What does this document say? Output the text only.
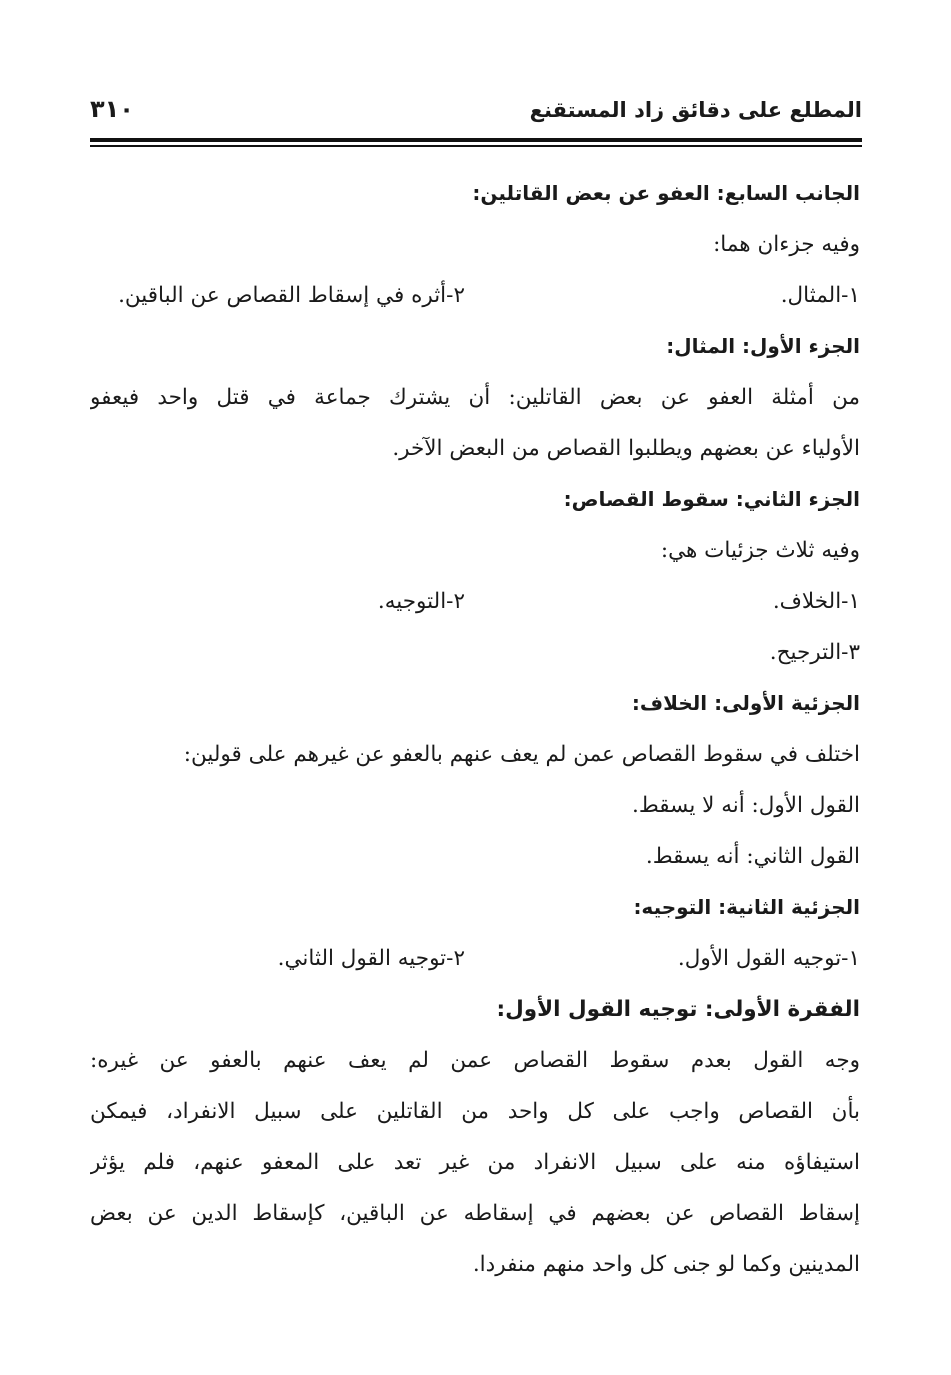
المطلع على دقائق زاد المستقنع
٣١٠
الجانب السابع: العفو عن بعض القاتلين:
وفيه جزءان هما:
١-المثال.
٢-أثره في إسقاط القصاص عن الباقين.
الجزء الأول: المثال:
من أمثلة العفو عن بعض القاتلين: أن يشترك جماعة في قتل واحد فيعفو
الأولياء عن بعضهم ويطلبوا القصاص من البعض الآخر.
الجزء الثاني: سقوط القصاص:
وفيه ثلاث جزئيات هي:
١-الخلاف.
٢-التوجيه.
٣-الترجيح.
الجزئية الأولى: الخلاف:
اختلف في سقوط القصاص عمن لم يعف عنهم بالعفو عن غيرهم على قولين:
القول الأول: أنه لا يسقط.
القول الثاني: أنه يسقط.
الجزئية الثانية: التوجيه:
١-توجيه القول الأول.
٢-توجيه القول الثاني.
الفقرة الأولى: توجيه القول الأول:
وجه القول بعدم سقوط القصاص عمن لم يعف عنهم بالعفو عن غيره:
بأن القصاص واجب على كل واحد من القاتلين على سبيل الانفراد، فيمكن
استيفاؤه منه على سبيل الانفراد من غير تعد على المعفو عنهم، فلم يؤثر
إسقاط القصاص عن بعضهم في إسقاطه عن الباقين، كإسقاط الدين عن بعض
المدينين وكما لو جنى كل واحد منهم منفردا.
